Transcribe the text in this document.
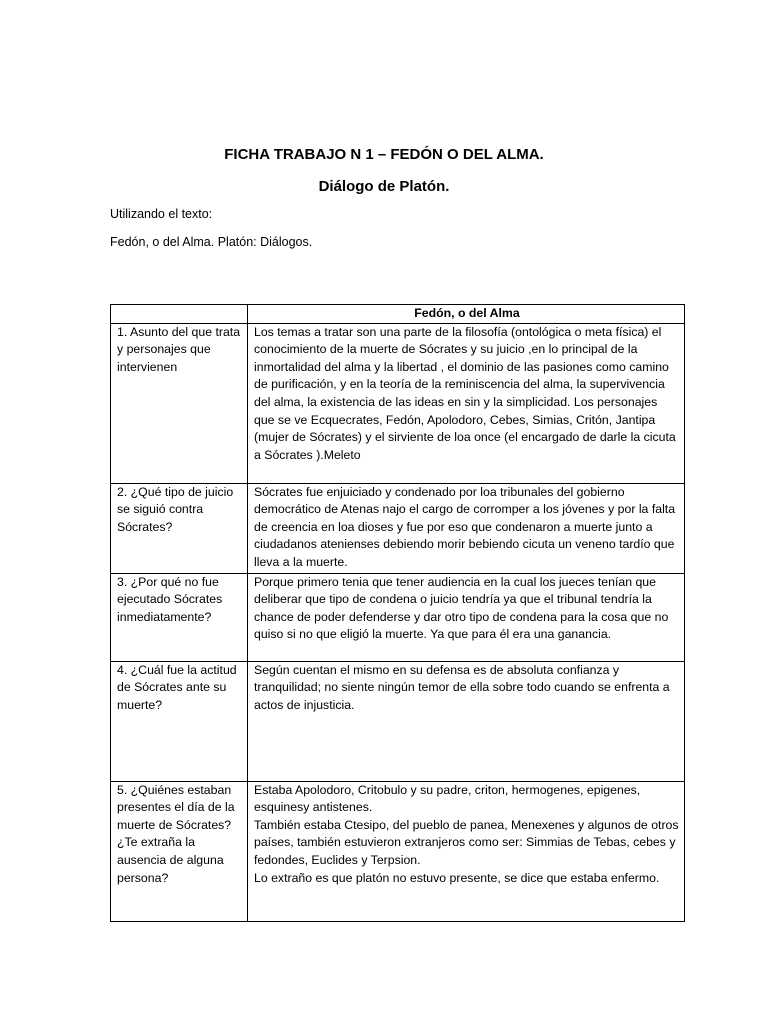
FICHA TRABAJO N 1 – FEDÓN O DEL ALMA.
Diálogo de Platón.
Utilizando el texto:
Fedón, o del Alma. Platón: Diálogos.
	Fedón, o del Alma
1. Asunto del que trata y personajes que intervienen	Los temas a tratar son una parte de la filosofía (ontológica o meta física) el conocimiento de la muerte de Sócrates y su juicio ,en lo principal de la inmortalidad del alma y la libertad , el dominio de las pasiones como camino de purificación, y en la teoría de la reminiscencia del alma, la supervivencia del alma, la existencia de las ideas en sin y la simplicidad. Los personajes que se ve Ecquecrates, Fedón, Apolodoro, Cebes, Simias, Critón, Jantipa (mujer de Sócrates) y el sirviente de loa once (el encargado de darle la cicuta a Sócrates ).Meleto
2. ¿Qué tipo de juicio se siguió contra Sócrates?	Sócrates fue enjuiciado y condenado por loa tribunales del gobierno democrático de Atenas najo el cargo de corromper a los jóvenes y por la falta de creencia en loa dioses y fue por eso que condenaron a muerte junto a ciudadanos atenienses debiendo morir bebiendo cicuta un veneno tardío que lleva a la muerte.
3. ¿Por qué no fue ejecutado Sócrates inmediatamente?	Porque primero tenia que tener audiencia en la cual los jueces tenían que deliberar que tipo de condena o juicio tendría ya que el tribunal tendría la chance de poder defenderse y dar otro tipo de condena para la cosa que no quiso si no que eligió la muerte. Ya que para él era una ganancia.
4. ¿Cuál fue la actitud de Sócrates ante su muerte?	Según cuentan el mismo en su defensa es de absoluta confianza y tranquilidad; no siente ningún temor de ella sobre todo cuando se enfrenta a actos de injusticia.
5. ¿Quiénes estaban presentes el día de la muerte de Sócrates? ¿Te extraña la ausencia de alguna persona?	Estaba Apolodoro, Critobulo y su padre, criton, hermogenes, epigenes, esquinesy antistenes.
También estaba Ctesipo, del pueblo de panea, Menexenes y algunos de otros países, también estuvieron extranjeros como ser: Simmias de Tebas, cebes y fedondes, Euclides y Terpsion.
Lo extraño es que platón no estuvo presente, se dice que estaba enfermo.
